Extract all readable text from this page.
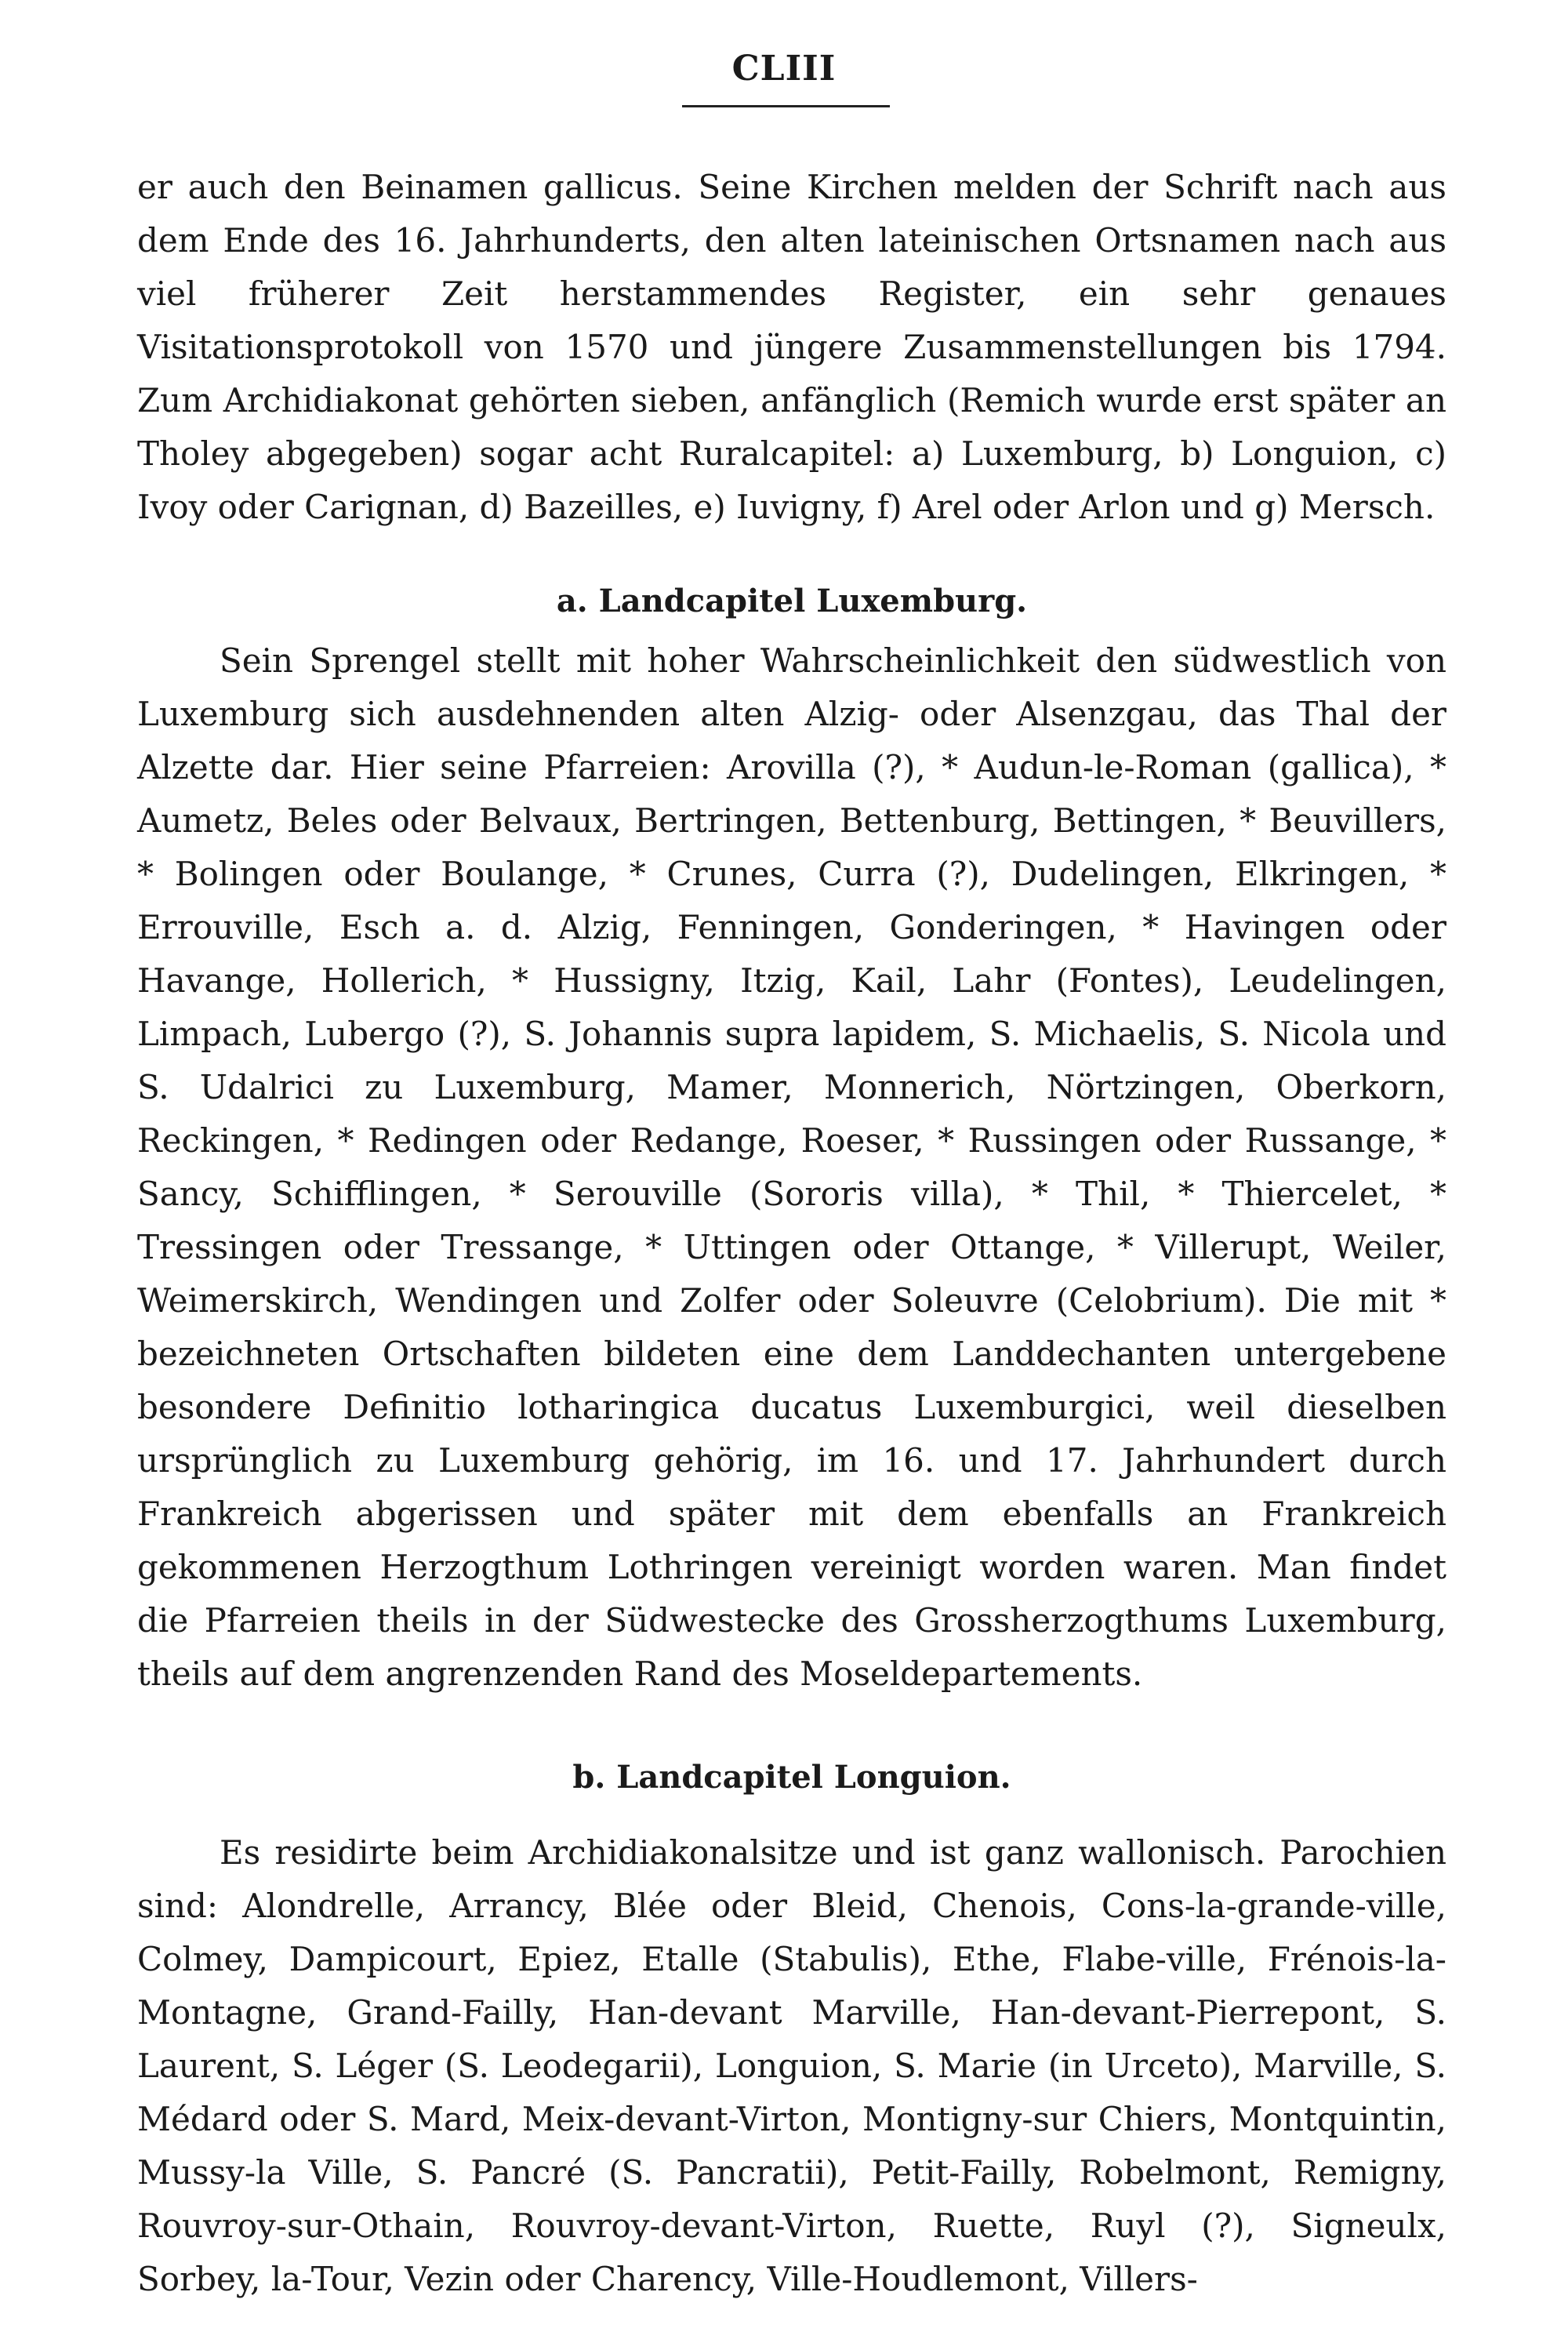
CLIII

er auch den Beinamen gallicus. Seine Kirchen melden der Schrift nach aus dem Ende des 16. Jahrhunderts, den alten lateinischen Ortsnamen nach aus viel früherer Zeit herstammendes Register, ein sehr genaues Visitationsprotokoll von 1570 und jüngere Zusammenstellungen bis 1794. Zum Archidiakonat gehörten sieben, anfänglich (Remich wurde erst später an Tholey abgegeben) sogar acht Ruralcapitel: a) Luxemburg, b) Longuion, c) Ivoy oder Carignan, d) Bazeilles, e) Iuvigny, f) Arel oder Arlon und g) Mersch.

a. Landcapitel Luxemburg.

Sein Sprengel stellt mit hoher Wahrscheinlichkeit den südwestlich von Luxemburg sich ausdehnenden alten Alzig- oder Alsenzgau, das Thal der Alzette dar. Hier seine Pfarreien: Arovilla (?), * Audun-le-Roman (gallica), * Aumetz, Beles oder Belvaux, Bertringen, Bettenburg, Bettingen, * Beuvillers, * Bolingen oder Boulange, * Crunes, Curra (?), Dudelingen, Elkringen, * Errouville, Esch a. d. Alzig, Fenningen, Gonderingen, * Havingen oder Havange, Hollerich, * Hussigny, Itzig, Kail, Lahr (Fontes), Leudelingen, Limpach, Lubergo (?), S. Johannis supra lapidem, S. Michaelis, S. Nicola und S. Udalrici zu Luxemburg, Mamer, Monnerich, Nörtzingen, Oberkorn, Reckingen, * Redingen oder Redange, Roeser, * Russingen oder Russange, * Sancy, Schifflingen, * Serouville (Sororis villa), * Thil, * Thiercelet, * Tressingen oder Tressange, * Uttingen oder Ottange, * Villerupt, Weiler, Weimerskirch, Wendingen und Zolfer oder Soleuvre (Celobrium). Die mit * bezeichneten Ortschaften bildeten eine dem Landdechanten untergebene besondere Definitio lotharingica ducatus Luxemburgici, weil dieselben ursprünglich zu Luxemburg gehörig, im 16. und 17. Jahrhundert durch Frankreich abgerissen und später mit dem ebenfalls an Frankreich gekommenen Herzogthum Lothringen vereinigt worden waren. Man findet die Pfarreien theils in der Südwestecke des Grossherzogthums Luxemburg, theils auf dem angrenzenden Rand des Moseldepartements.

b. Landcapitel Longuion.

Es residirte beim Archidiakonalsitze und ist ganz wallonisch. Parochien sind: Alondrelle, Arrancy, Blée oder Bleid, Chenois, Cons-la-grande-ville, Colmey, Dampicourt, Epiez, Etalle (Stabulis), Ethe, Flabe-ville, Frénois-la-Montagne, Grand-Failly, Han-devant Marville, Han-devant-Pierrepont, S. Laurent, S. Léger (S. Leodegarii), Longuion, S. Marie (in Urceto), Marville, S. Médard oder S. Mard, Meix-devant-Virton, Montigny-sur Chiers, Montquintin, Mussy-la Ville, S. Pancré (S. Pancratii), Petit-Failly, Robelmont, Remigny, Rouvroy-sur-Othain, Rouvroy-devant-Virton, Ruette, Ruyl (?), Signeulx, Sorbey, la-Tour, Vezin oder Charency, Ville-Houdlemont, Villers-
